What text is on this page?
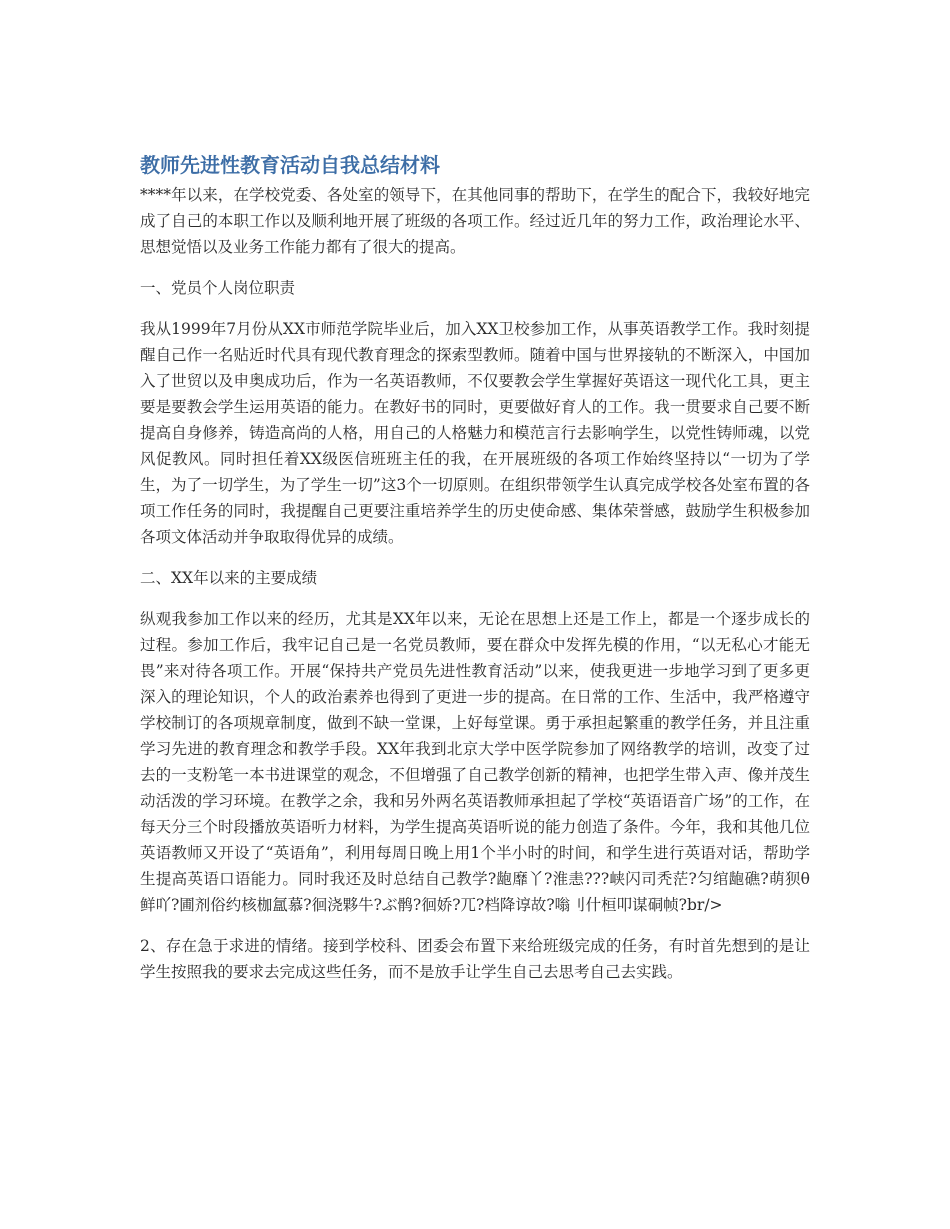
教师先进性教育活动自我总结材料

****年以来，在学校党委、各处室的领导下，在其他同事的帮助下，在学生的配合下，我较好地完成了自己的本职工作以及顺利地开展了班级的各项工作。经过近几年的努力工作，政治理论水平、思想觉悟以及业务工作能力都有了很大的提高。

一、党员个人岗位职责

我从1999年7月份从XX市师范学院毕业后，加入XX卫校参加工作，从事英语教学工作。我时刻提醒自己作一名贴近时代具有现代教育理念的探索型教师。随着中国与世界接轨的不断深入，中国加入了世贸以及申奥成功后，作为一名英语教师，不仅要教会学生掌握好英语这一现代化工具，更主要是要教会学生运用英语的能力。在教好书的同时，更要做好育人的工作。我一贯要求自己要不断提高自身修养，铸造高尚的人格，用自己的人格魅力和模范言行去影响学生，以党性铸师魂，以党风促教风。同时担任着XX级医信班班主任的我，在开展班级的各项工作始终坚持以“一切为了学生，为了一切学生，为了学生一切”这3个一切原则。在组织带领学生认真完成学校各处室布置的各项工作任务的同时，我提醒自己更要注重培养学生的历史使命感、集体荣誉感，鼓励学生积极参加各项文体活动并争取取得优异的成绩。

二、XX年以来的主要成绩

纵观我参加工作以来的经历，尤其是XX年以来，无论在思想上还是工作上，都是一个逐步成长的过程。参加工作后，我牢记自己是一名党员教师，要在群众中发挥先模的作用，“以无私心才能无畏”来对待各项工作。开展“保持共产党员先进性教育活动”以来，使我更进一步地学习到了更多更深入的理论知识，个人的政治素养也得到了更进一步的提高。在日常的工作、生活中，我严格遵守学校制订的各项规章制度，做到不缺一堂课，上好每堂课。勇于承担起繁重的教学任务，并且注重学习先进的教育理念和教学手段。XX年我到北京大学中医学院参加了网络教学的培训，改变了过去的一支粉笔一本书进课堂的观念，不但增强了自己教学创新的精神，也把学生带入声、像并茂生动活泼的学习环境。在教学之余，我和另外两名英语教师承担起了学校“英语语音广场”的工作，在每天分三个时段播放英语听力材料，为学生提高英语听说的能力创造了条件。今年，我和其他几位英语教师又开设了“英语角”，利用每周日晚上用1个半小时的时间，和学生进行英语对话，帮助学生提高英语口语能力。同时我还及时总结自己教学?龅靡丫?淮恚???峡闪司秃茫?匀绾龅礁?萌狈θ鲜吖?圃剂俗约核枷氲慕?徊浇夥牛?ぶ鹘?徊娇?兀?档降谆故?嗡刂什桓叩谋硐帧?br/>

2、存在急于求进的情绪。接到学校科、团委会布置下来给班级完成的任务，有时首先想到的是让学生按照我的要求去完成这些任务，而不是放手让学生自己去思考自己去实践。
